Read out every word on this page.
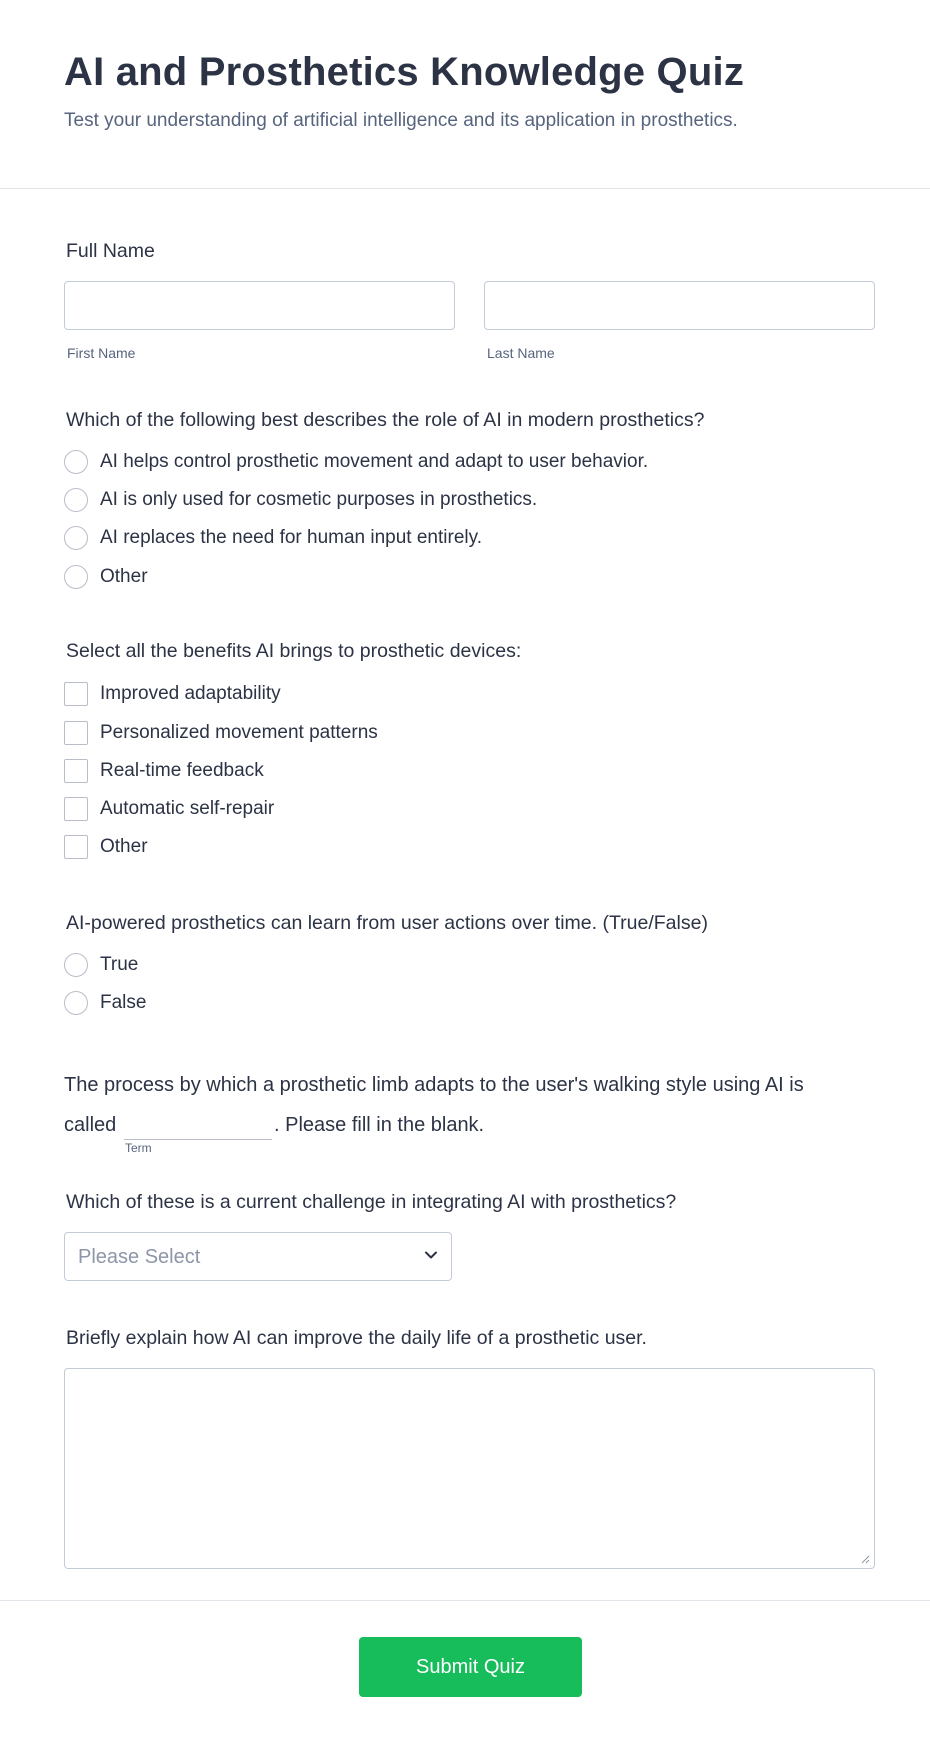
AI and Prosthetics Knowledge Quiz

Test your understanding of artificial intelligence and its application in prosthetics.

Full Name
First Name	Last Name
Which of the following best describes the role of AI in modern prosthetics?
AI helps control prosthetic movement and adapt to user behavior.
AI is only used for cosmetic purposes in prosthetics.
AI replaces the need for human input entirely.
Other
Select all the benefits AI brings to prosthetic devices:
Improved adaptability
Personalized movement patterns
Real-time feedback
Automatic self-repair
Other
AI-powered prosthetics can learn from user actions over time. (True/False)
True
False
The process by which a prosthetic limb adapts to the user's walking style using AI is
called	. Please fill in the blank.
Term
Which of these is a current challenge in integrating AI with prosthetics?
Please Select
Briefly explain how AI can improve the daily life of a prosthetic user.
Submit Quiz
